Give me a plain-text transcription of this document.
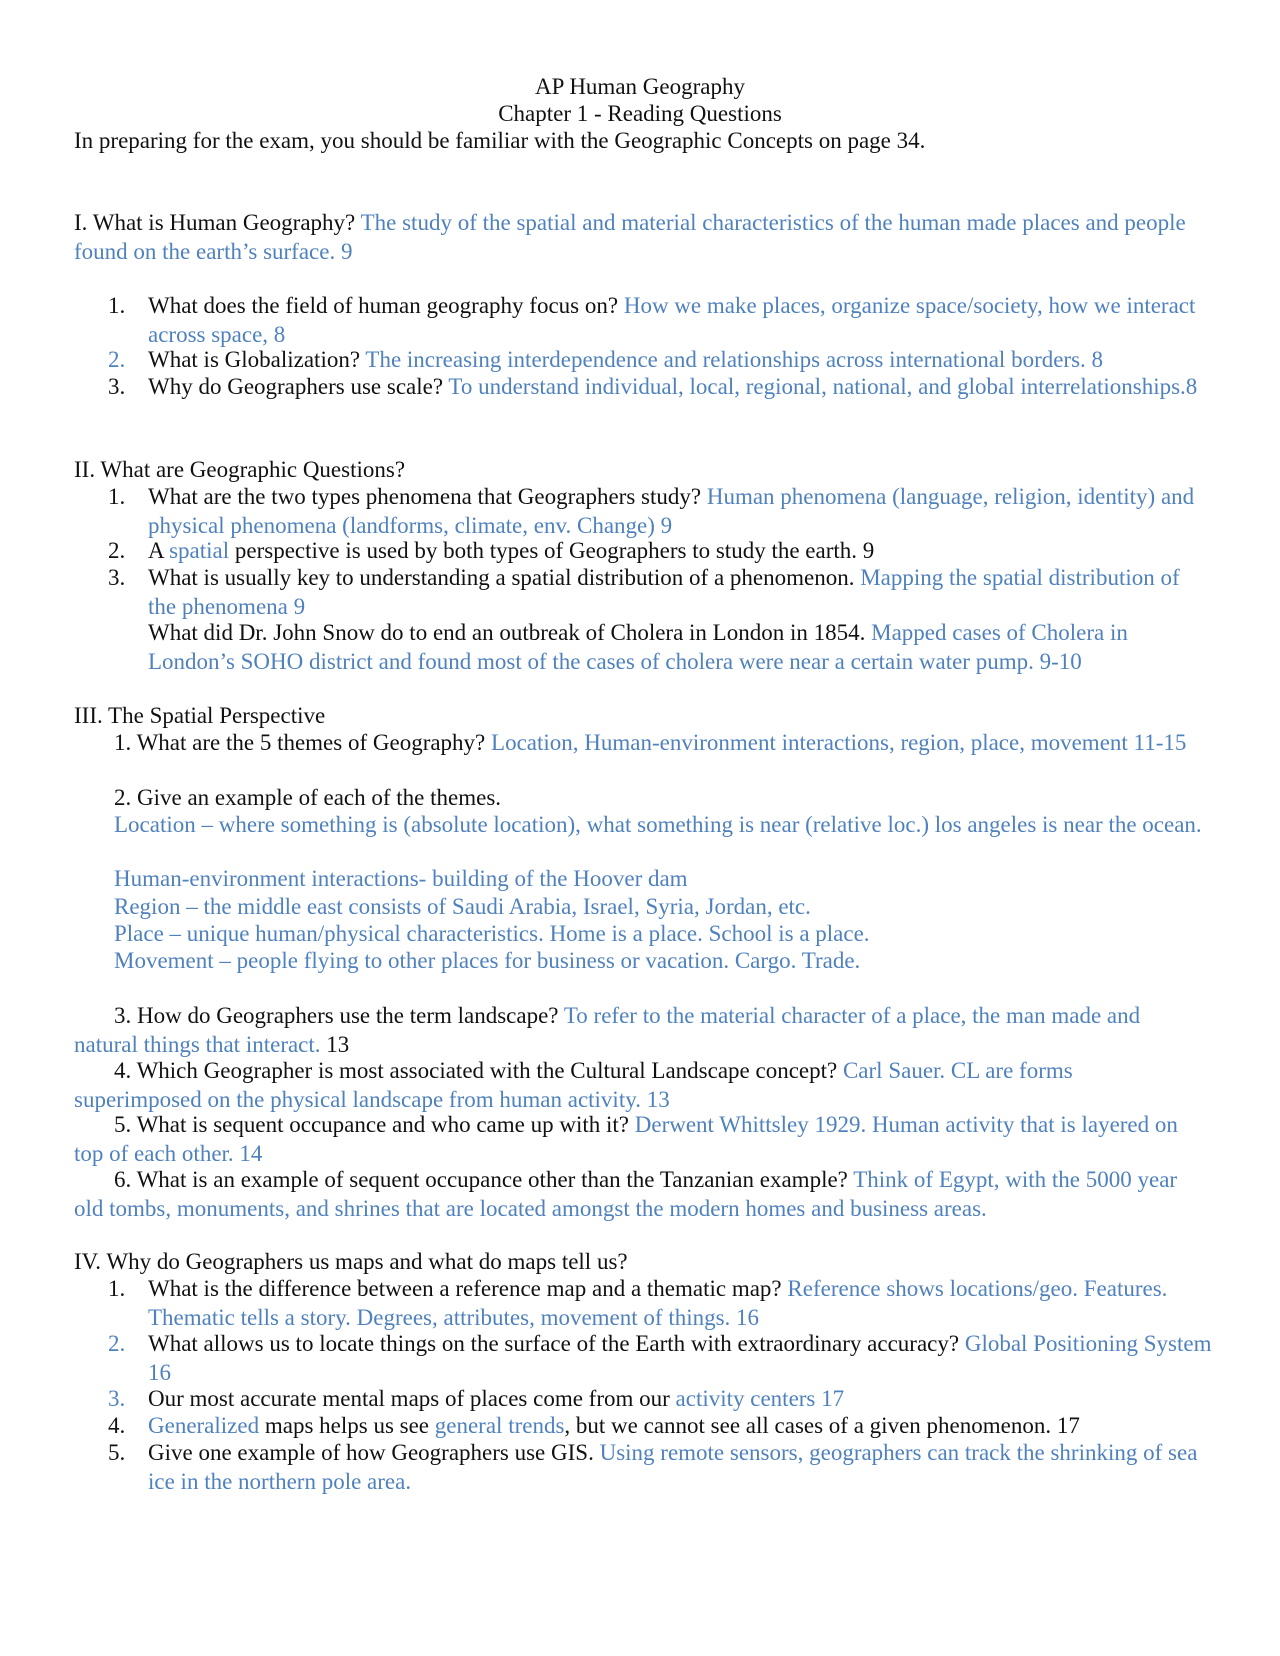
AP Human Geography

Chapter 1 - Reading Questions

In preparing for the exam, you should be familiar with the Geographic Concepts on page 34.

I. What is Human Geography? The study of the spatial and material characteristics of the human made places and people found on the earth’s surface. 9

1. What does the field of human geography focus on? How we make places, organize space/society, how we interact across space, 8

2. What is Globalization? The increasing interdependence and relationships across international borders. 8

3. Why do Geographers use scale? To understand individual, local, regional, national, and global interrelationships.8

II. What are Geographic Questions?

1. What are the two types phenomena that Geographers study? Human phenomena (language, religion, identity) and physical phenomena (landforms, climate, env. Change) 9

2. A spatial perspective is used by both types of Geographers to study the earth. 9

3. What is usually key to understanding a spatial distribution of a phenomenon. Mapping the spatial distribution of the phenomena 9

What did Dr. John Snow do to end an outbreak of Cholera in London in 1854. Mapped cases of Cholera in London’s SOHO district and found most of the cases of cholera were near a certain water pump. 9-10

III. The Spatial Perspective

1. What are the 5 themes of Geography? Location, Human-environment interactions, region, place, movement 11-15

2. Give an example of each of the themes.

Location – where something is (absolute location), what something is near (relative loc.) los angeles is near the ocean.

Human-environment interactions- building of the Hoover dam

Region – the middle east consists of Saudi Arabia, Israel, Syria, Jordan, etc.

Place – unique human/physical characteristics. Home is a place. School is a place.

Movement – people flying to other places for business or vacation. Cargo. Trade.

3. How do Geographers use the term landscape? To refer to the material character of a place, the man made and natural things that interact. 13

4. Which Geographer is most associated with the Cultural Landscape concept? Carl Sauer. CL are forms superimposed on the physical landscape from human activity. 13

5. What is sequent occupance and who came up with it? Derwent Whittsley 1929. Human activity that is layered on top of each other. 14

6. What is an example of sequent occupance other than the Tanzanian example? Think of Egypt, with the 5000 year old tombs, monuments, and shrines that are located amongst the modern homes and business areas.

IV. Why do Geographers us maps and what do maps tell us?

1. What is the difference between a reference map and a thematic map? Reference shows locations/geo. Features. Thematic tells a story. Degrees, attributes, movement of things. 16

2. What allows us to locate things on the surface of the Earth with extraordinary accuracy? Global Positioning System 16

3. Our most accurate mental maps of places come from our activity centers 17

4. Generalized maps helps us see general trends, but we cannot see all cases of a given phenomenon. 17

5. Give one example of how Geographers use GIS. Using remote sensors, geographers can track the shrinking of sea ice in the northern pole area.
